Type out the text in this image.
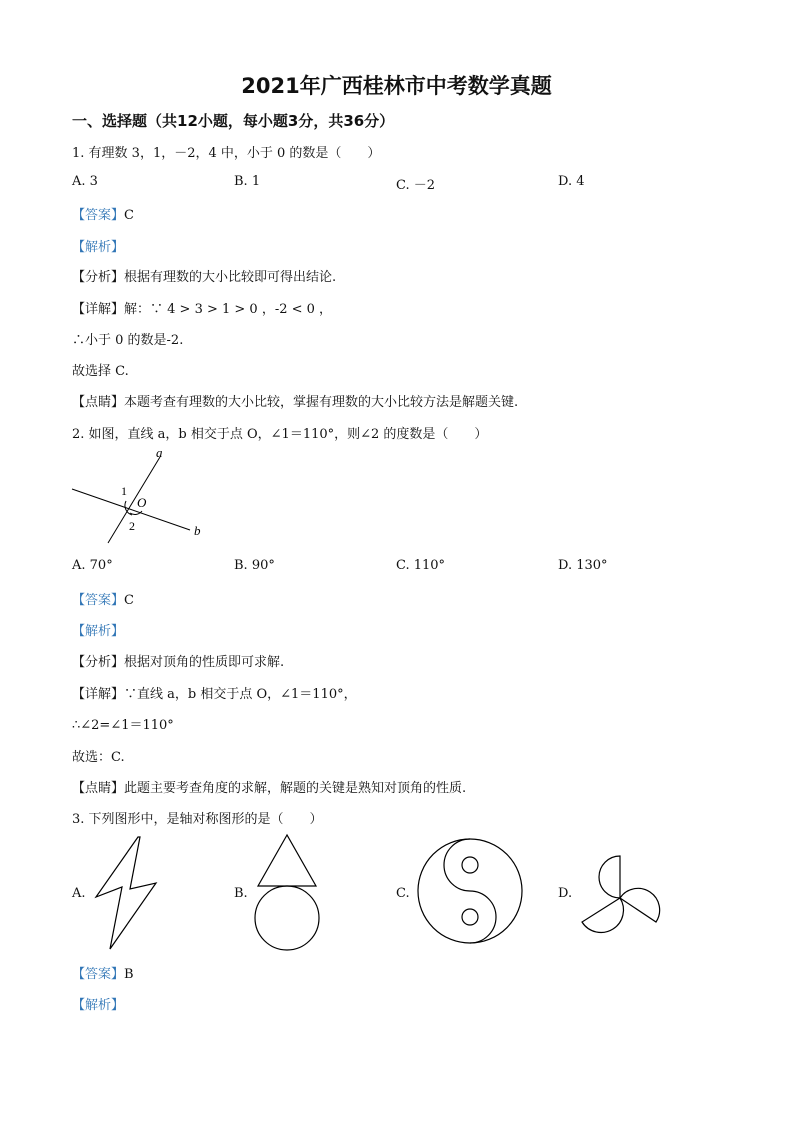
2021年广西桂林市中考数学真题
一、选择题（共12小题，每小题3分，共36分）
1. 有理数 3，1，－2，4 中，小于 0 的数是（　　）
A. 3	B. 1	C. －2	D. 4
【答案】C
【解析】
【分析】根据有理数的大小比较即可得出结论.
【详解】解：∵ 4 > 3 > 1 > 0 ，-2 < 0 ，
∴小于 0 的数是-2.
故选择 C.
【点睛】本题考查有理数的大小比较，掌握有理数的大小比较方法是解题关键.
2. 如图，直线 a，b 相交于点 O，∠1＝110°，则∠2 的度数是（　　）
a
b
O
1
2
A. 70°	B. 90°	C. 110°	D. 130°
【答案】C
【解析】
【分析】根据对顶角的性质即可求解.
【详解】∵直线 a，b 相交于点 O，∠1＝110°，
∴∠2=∠1＝110°
故选：C.
【点睛】此题主要考查角度的求解，解题的关键是熟知对顶角的性质.
3. 下列图形中，是轴对称图形的是（　　）
A.	B.	C.	D.
【答案】B
【解析】
